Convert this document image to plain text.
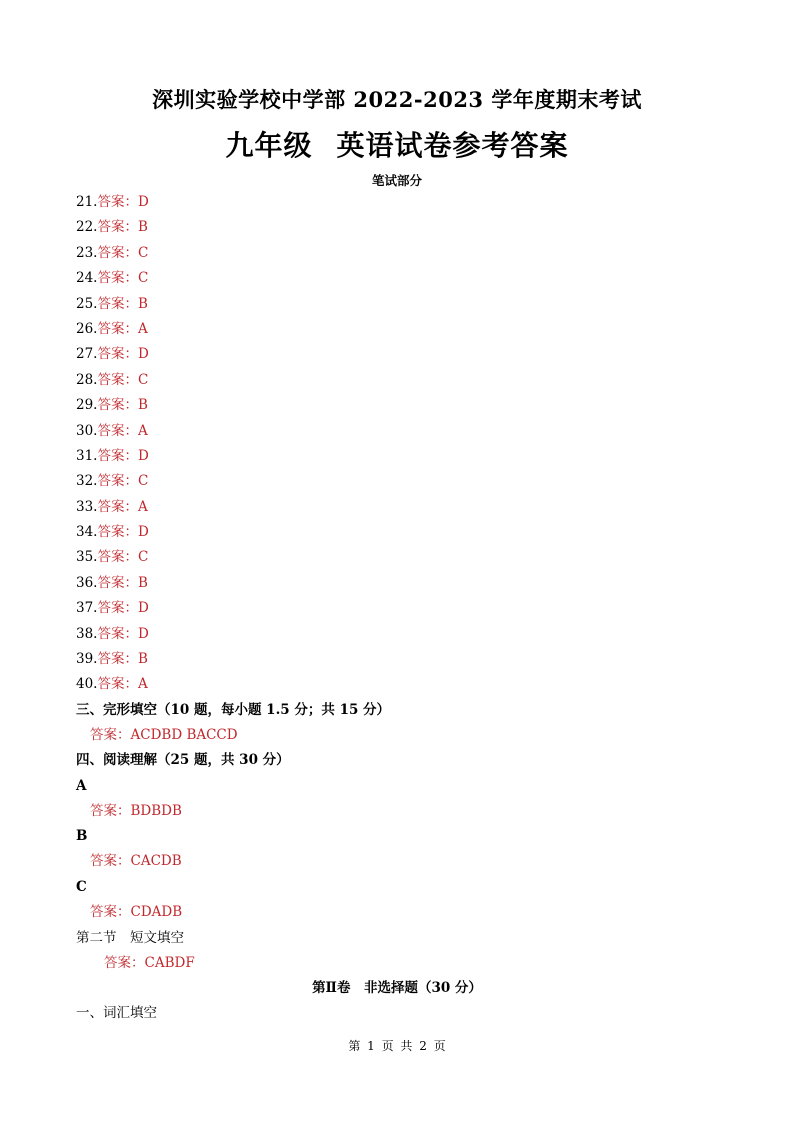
深圳实验学校中学部 2022-2023 学年度期末考试
九年级 英语试卷参考答案
笔试部分
21.答案：D
22.答案：B
23.答案：C
24.答案：C
25.答案：B
26.答案：A
27.答案：D
28.答案：C
29.答案：B
30.答案：A
31.答案：D
32.答案：C
33.答案：A
34.答案：D
35.答案：C
36.答案：B
37.答案：D
38.答案：D
39.答案：B
40.答案：A
三、完形填空（10 题，每小题 1.5 分；共 15 分）
答案：ACDBD BACCD
四、阅读理解（25 题，共 30 分）
A
答案：BDBDB
B
答案：CACDB
C
答案：CDADB
第二节　短文填空
答案：CABDF
第Ⅱ卷　非选择题（30 分）
一、词汇填空
第 1 页 共 2 页
